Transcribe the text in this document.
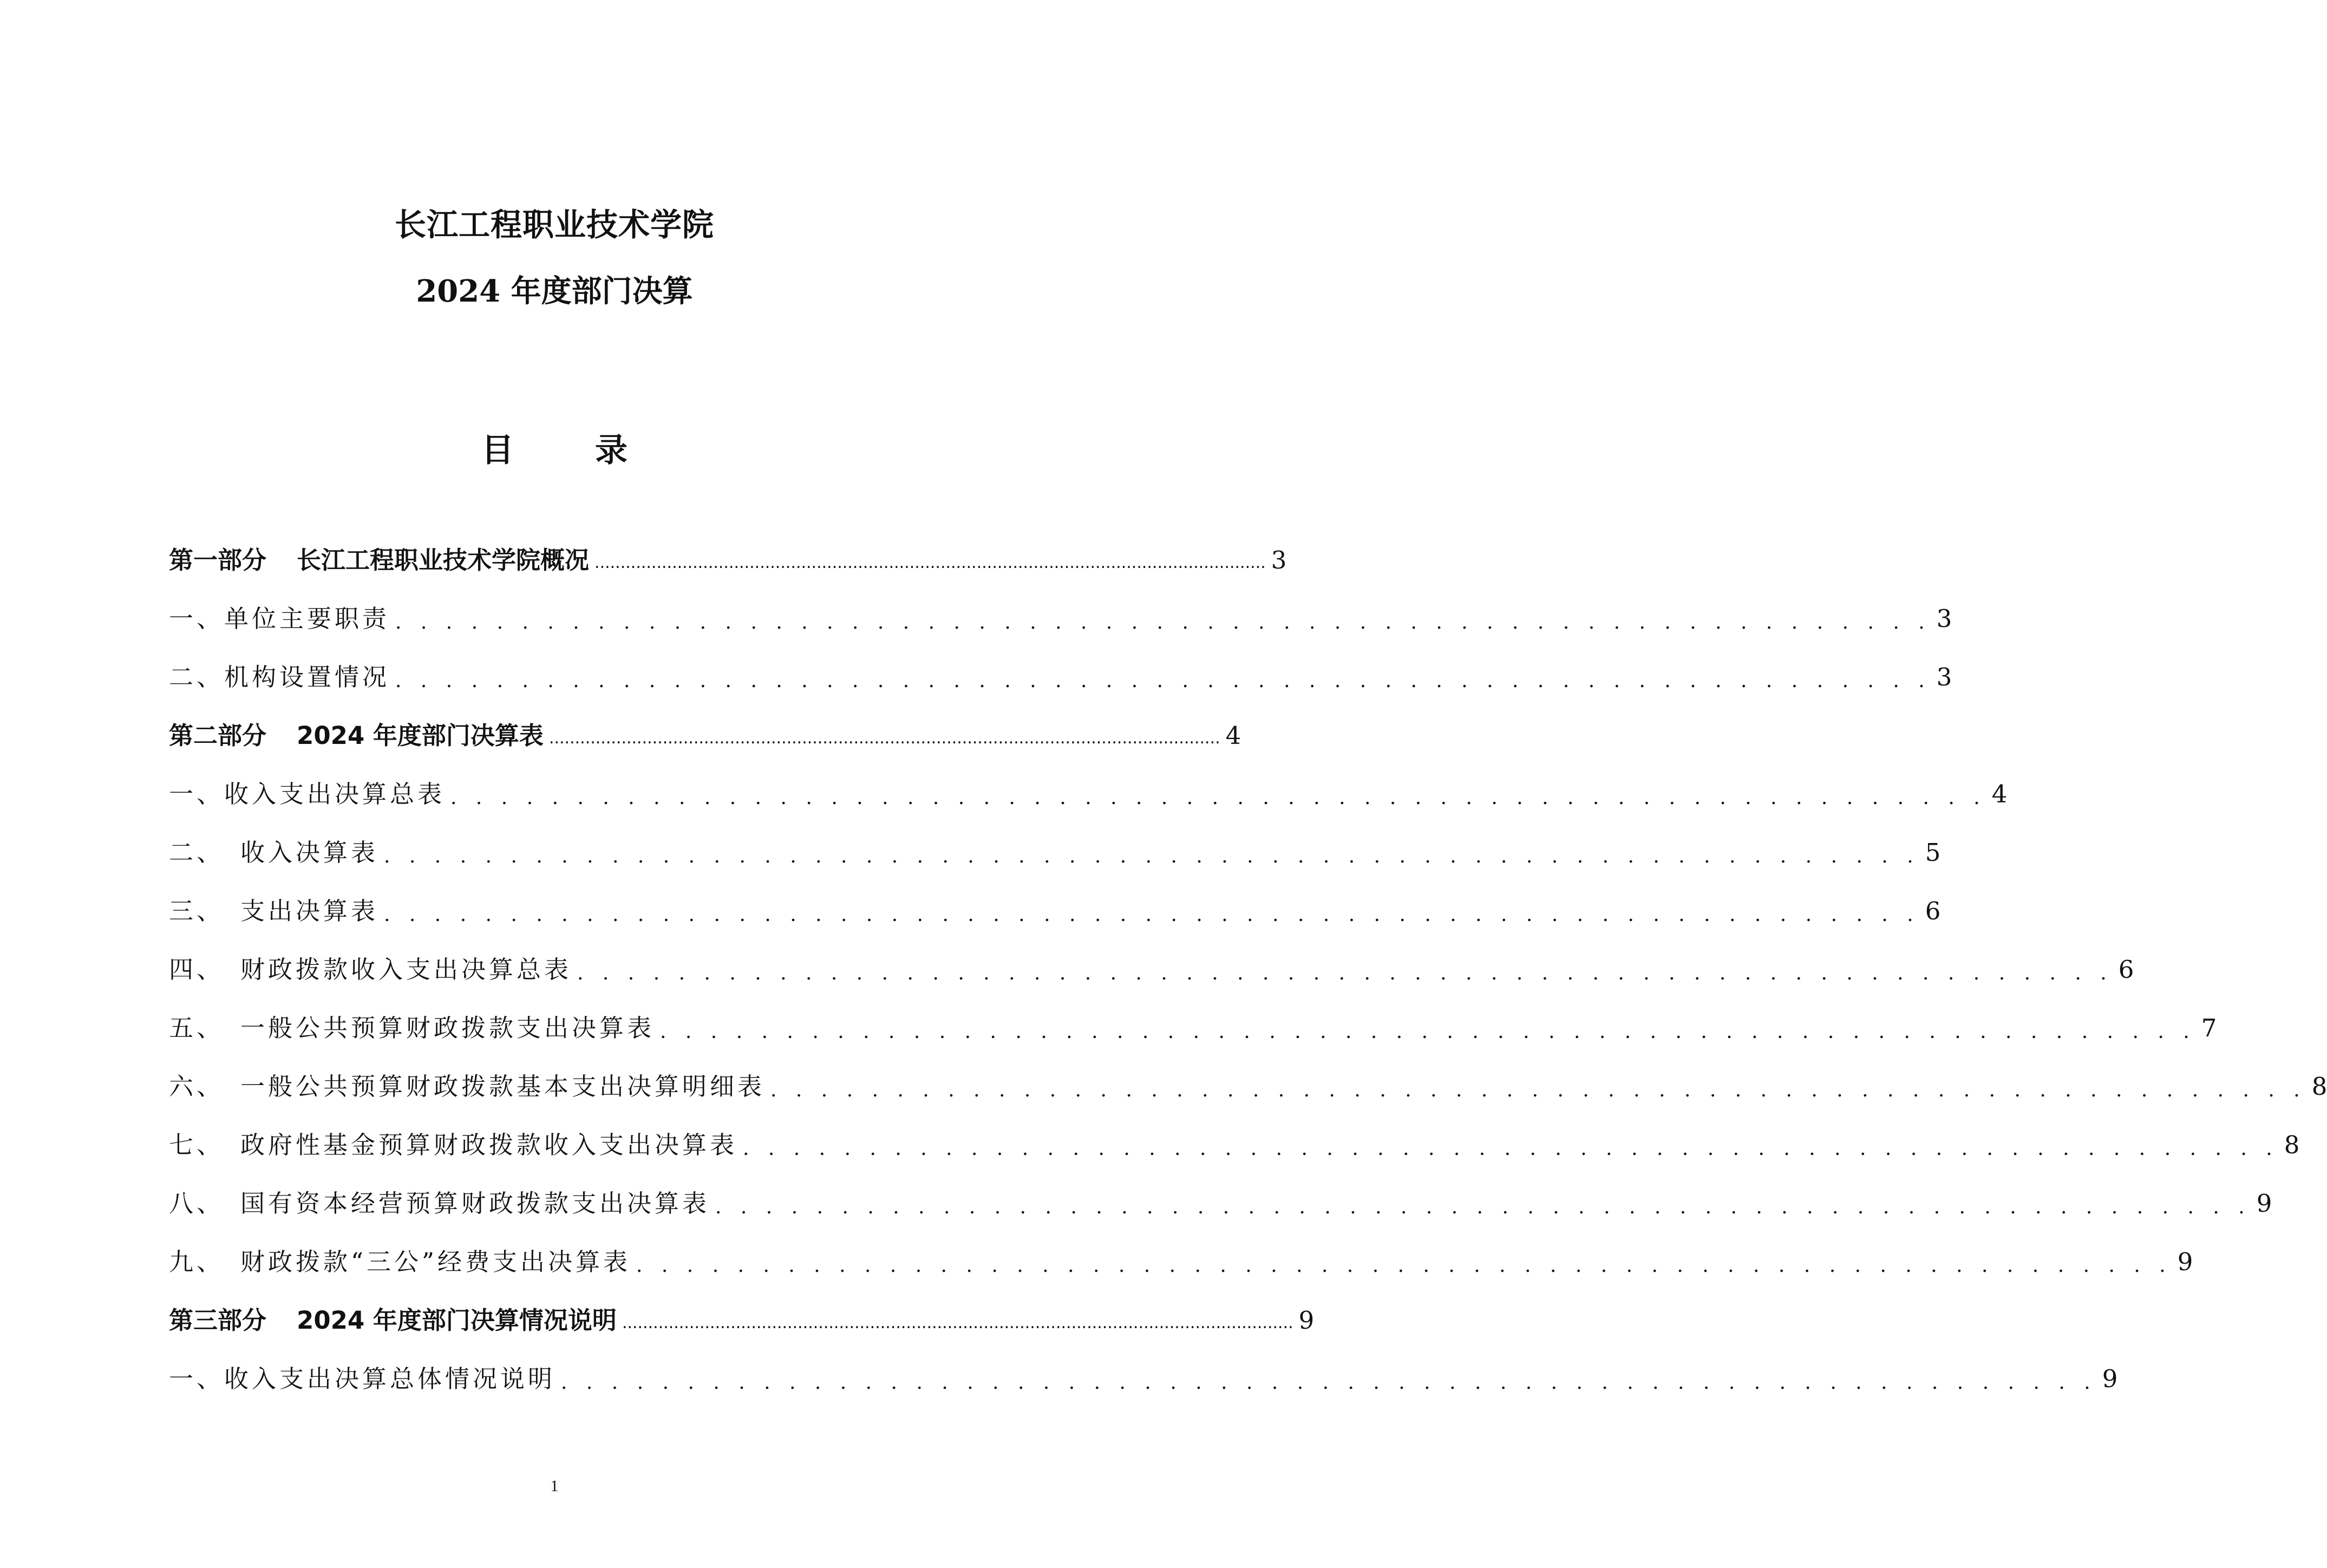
长江工程职业技术学院
2024 年度部门决算
目	录
第一部分 长江工程职业技术学院概况 .................................................................................................................................. 3
一、单位主要职责 . . . . . . . . . . . . . . . . . . . . . . . . . . . . . . . . . . . . . . . . . . . . . . . . . . . . . . . . . . . . . 3
二、机构设置情况 . . . . . . . . . . . . . . . . . . . . . . . . . . . . . . . . . . . . . . . . . . . . . . . . . . . . . . . . . . . . . 3
第二部分 2024 年度部门决算表 .................................................................................................................................. 4
一、收入支出决算总表 . . . . . . . . . . . . . . . . . . . . . . . . . . . . . . . . . . . . . . . . . . . . . . . . . . . . . . . . . . . . . 4
二、 收入决算表 . . . . . . . . . . . . . . . . . . . . . . . . . . . . . . . . . . . . . . . . . . . . . . . . . . . . . . . . . . . . . 5
三、 支出决算表 . . . . . . . . . . . . . . . . . . . . . . . . . . . . . . . . . . . . . . . . . . . . . . . . . . . . . . . . . . . . . 6
四、 财政拨款收入支出决算总表 . . . . . . . . . . . . . . . . . . . . . . . . . . . . . . . . . . . . . . . . . . . . . . . . . . . . . . . . . . . . . 6
五、 一般公共预算财政拨款支出决算表 . . . . . . . . . . . . . . . . . . . . . . . . . . . . . . . . . . . . . . . . . . . . . . . . . . . . . . . . . . . . . 7
六、 一般公共预算财政拨款基本支出决算明细表 . . . . . . . . . . . . . . . . . . . . . . . . . . . . . . . . . . . . . . . . . . . . . . . . . . . . . . . . . . . . . 8
七、 政府性基金预算财政拨款收入支出决算表 . . . . . . . . . . . . . . . . . . . . . . . . . . . . . . . . . . . . . . . . . . . . . . . . . . . . . . . . . . . . . 8
八、 国有资本经营预算财政拨款支出决算表 . . . . . . . . . . . . . . . . . . . . . . . . . . . . . . . . . . . . . . . . . . . . . . . . . . . . . . . . . . . . . 9
九、 财政拨款“三公”经费支出决算表 . . . . . . . . . . . . . . . . . . . . . . . . . . . . . . . . . . . . . . . . . . . . . . . . . . . . . . . . . . . . . 9
第三部分 2024 年度部门决算情况说明 .................................................................................................................................. 9
一、收入支出决算总体情况说明 . . . . . . . . . . . . . . . . . . . . . . . . . . . . . . . . . . . . . . . . . . . . . . . . . . . . . . . . . . . . . 9
1
